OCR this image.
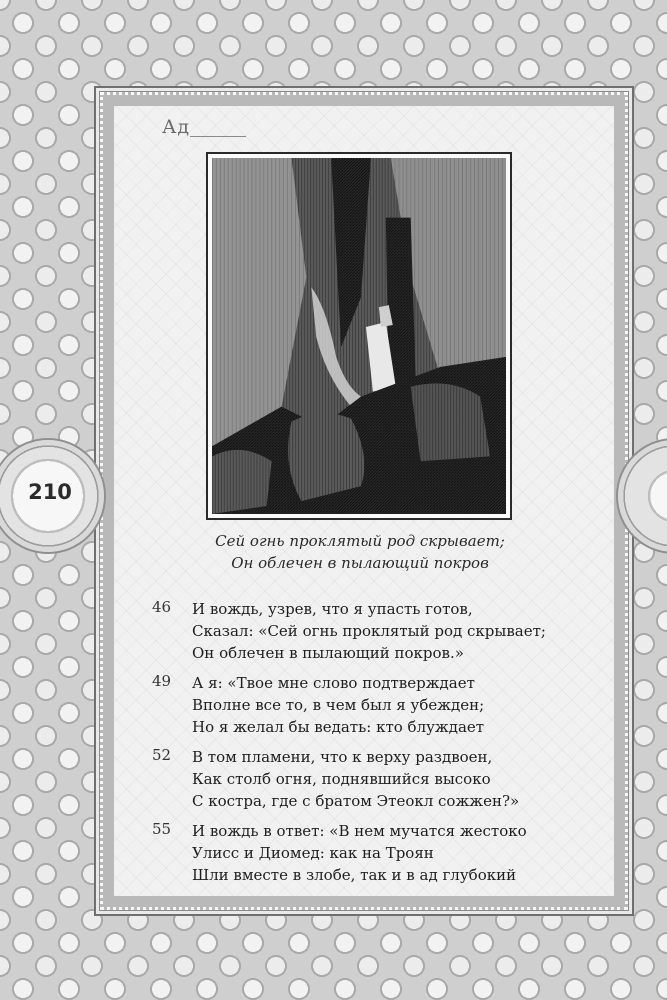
210
Ад
Сей огнь проклятый род скрывает;
Он облечен в пылающий покров
46	И вождь, узрев, что я упасть готов,
Сказал: «Сей огнь проклятый род скрывает;
Он облечен в пылающий покров.»
49	А я: «Твое мне слово подтверждает
Вполне все то, в чем был я убежден;
Но я желал бы ведать: кто блуждает
52	В том пламени, что к верху раздвоен,
Как столб огня, поднявшийся высоко
С костра, где с братом Этеокл сожжен?»
55	И вождь в ответ: «В нем мучатся жестоко
Улисс и Диомед: как на Троян
Шли вместе в злобе, так и в ад глубокий
